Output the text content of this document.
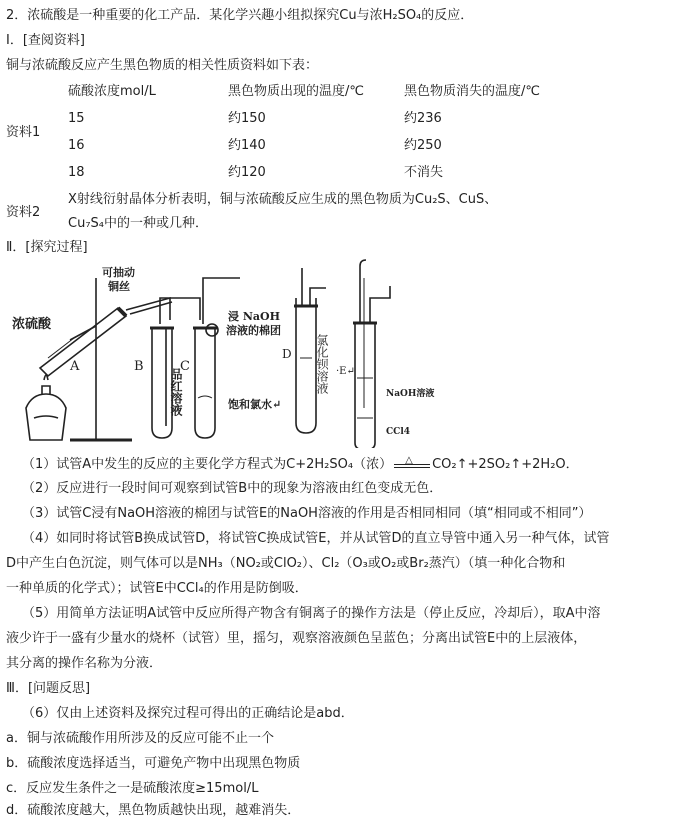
2．浓硫酸是一种重要的化工产品．某化学兴趣小组拟探究Cu与浓H₂SO₄的反应．
Ⅰ．[查阅资料]
铜与浓硫酸反应产生黑色物质的相关性质资料如下表：
资料1
硫酸浓度mol/L	黑色物质出现的温度/℃	黑色物质消失的温度/℃
15	约150	约236
16	约140	约250
18	约120	不消失
资料2
X射线衍射晶体分析表明，铜与浓硫酸反应生成的黑色物质为Cu₂S、CuS、
Cu₇S₄中的一种或几种．
Ⅱ．[探究过程]
浓硫酸
可抽动
铜丝
浸 NaOH
溶液的棉团
A	B	C
D
·E↵
品红溶液	氯化钡溶液
饱和氯水↵
NaOH溶液
CCl4
（1）试管A中发生的反应的主要化学方程式为C+2H₂SO₄（浓） △ CO₂↑+2SO₂↑+2H₂O．
（2）反应进行一段时间可观察到试管B中的现象为溶液由红色变成无色．
（3）试管C浸有NaOH溶液的棉团与试管E的NaOH溶液的作用是否相同相同（填“相同或不相同”）
（4）如同时将试管B换成试管D，将试管C换成试管E，并从试管D的直立导管中通入另一种气体，试管
D中产生白色沉淀，则气体可以是NH₃（NO₂或ClO₂）、Cl₂（O₃或O₂或Br₂蒸汽）（填一种化合物和
一种单质的化学式）；试管E中CCl₄的作用是防倒吸．
（5）用简单方法证明A试管中反应所得产物含有铜离子的操作方法是（停止反应，冷却后），取A中溶
液少许于一盛有少量水的烧杯（试管）里，摇匀，观察溶液颜色呈蓝色；分离出试管E中的上层液体，
其分离的操作名称为分液．
Ⅲ．[问题反思]
（6）仅由上述资料及探究过程可得出的正确结论是abd．
a．铜与浓硫酸作用所涉及的反应可能不止一个
b．硫酸浓度选择适当，可避免产物中出现黑色物质
c．反应发生条件之一是硫酸浓度≥15mol/L
d．硫酸浓度越大，黑色物质越快出现，越难消失．
